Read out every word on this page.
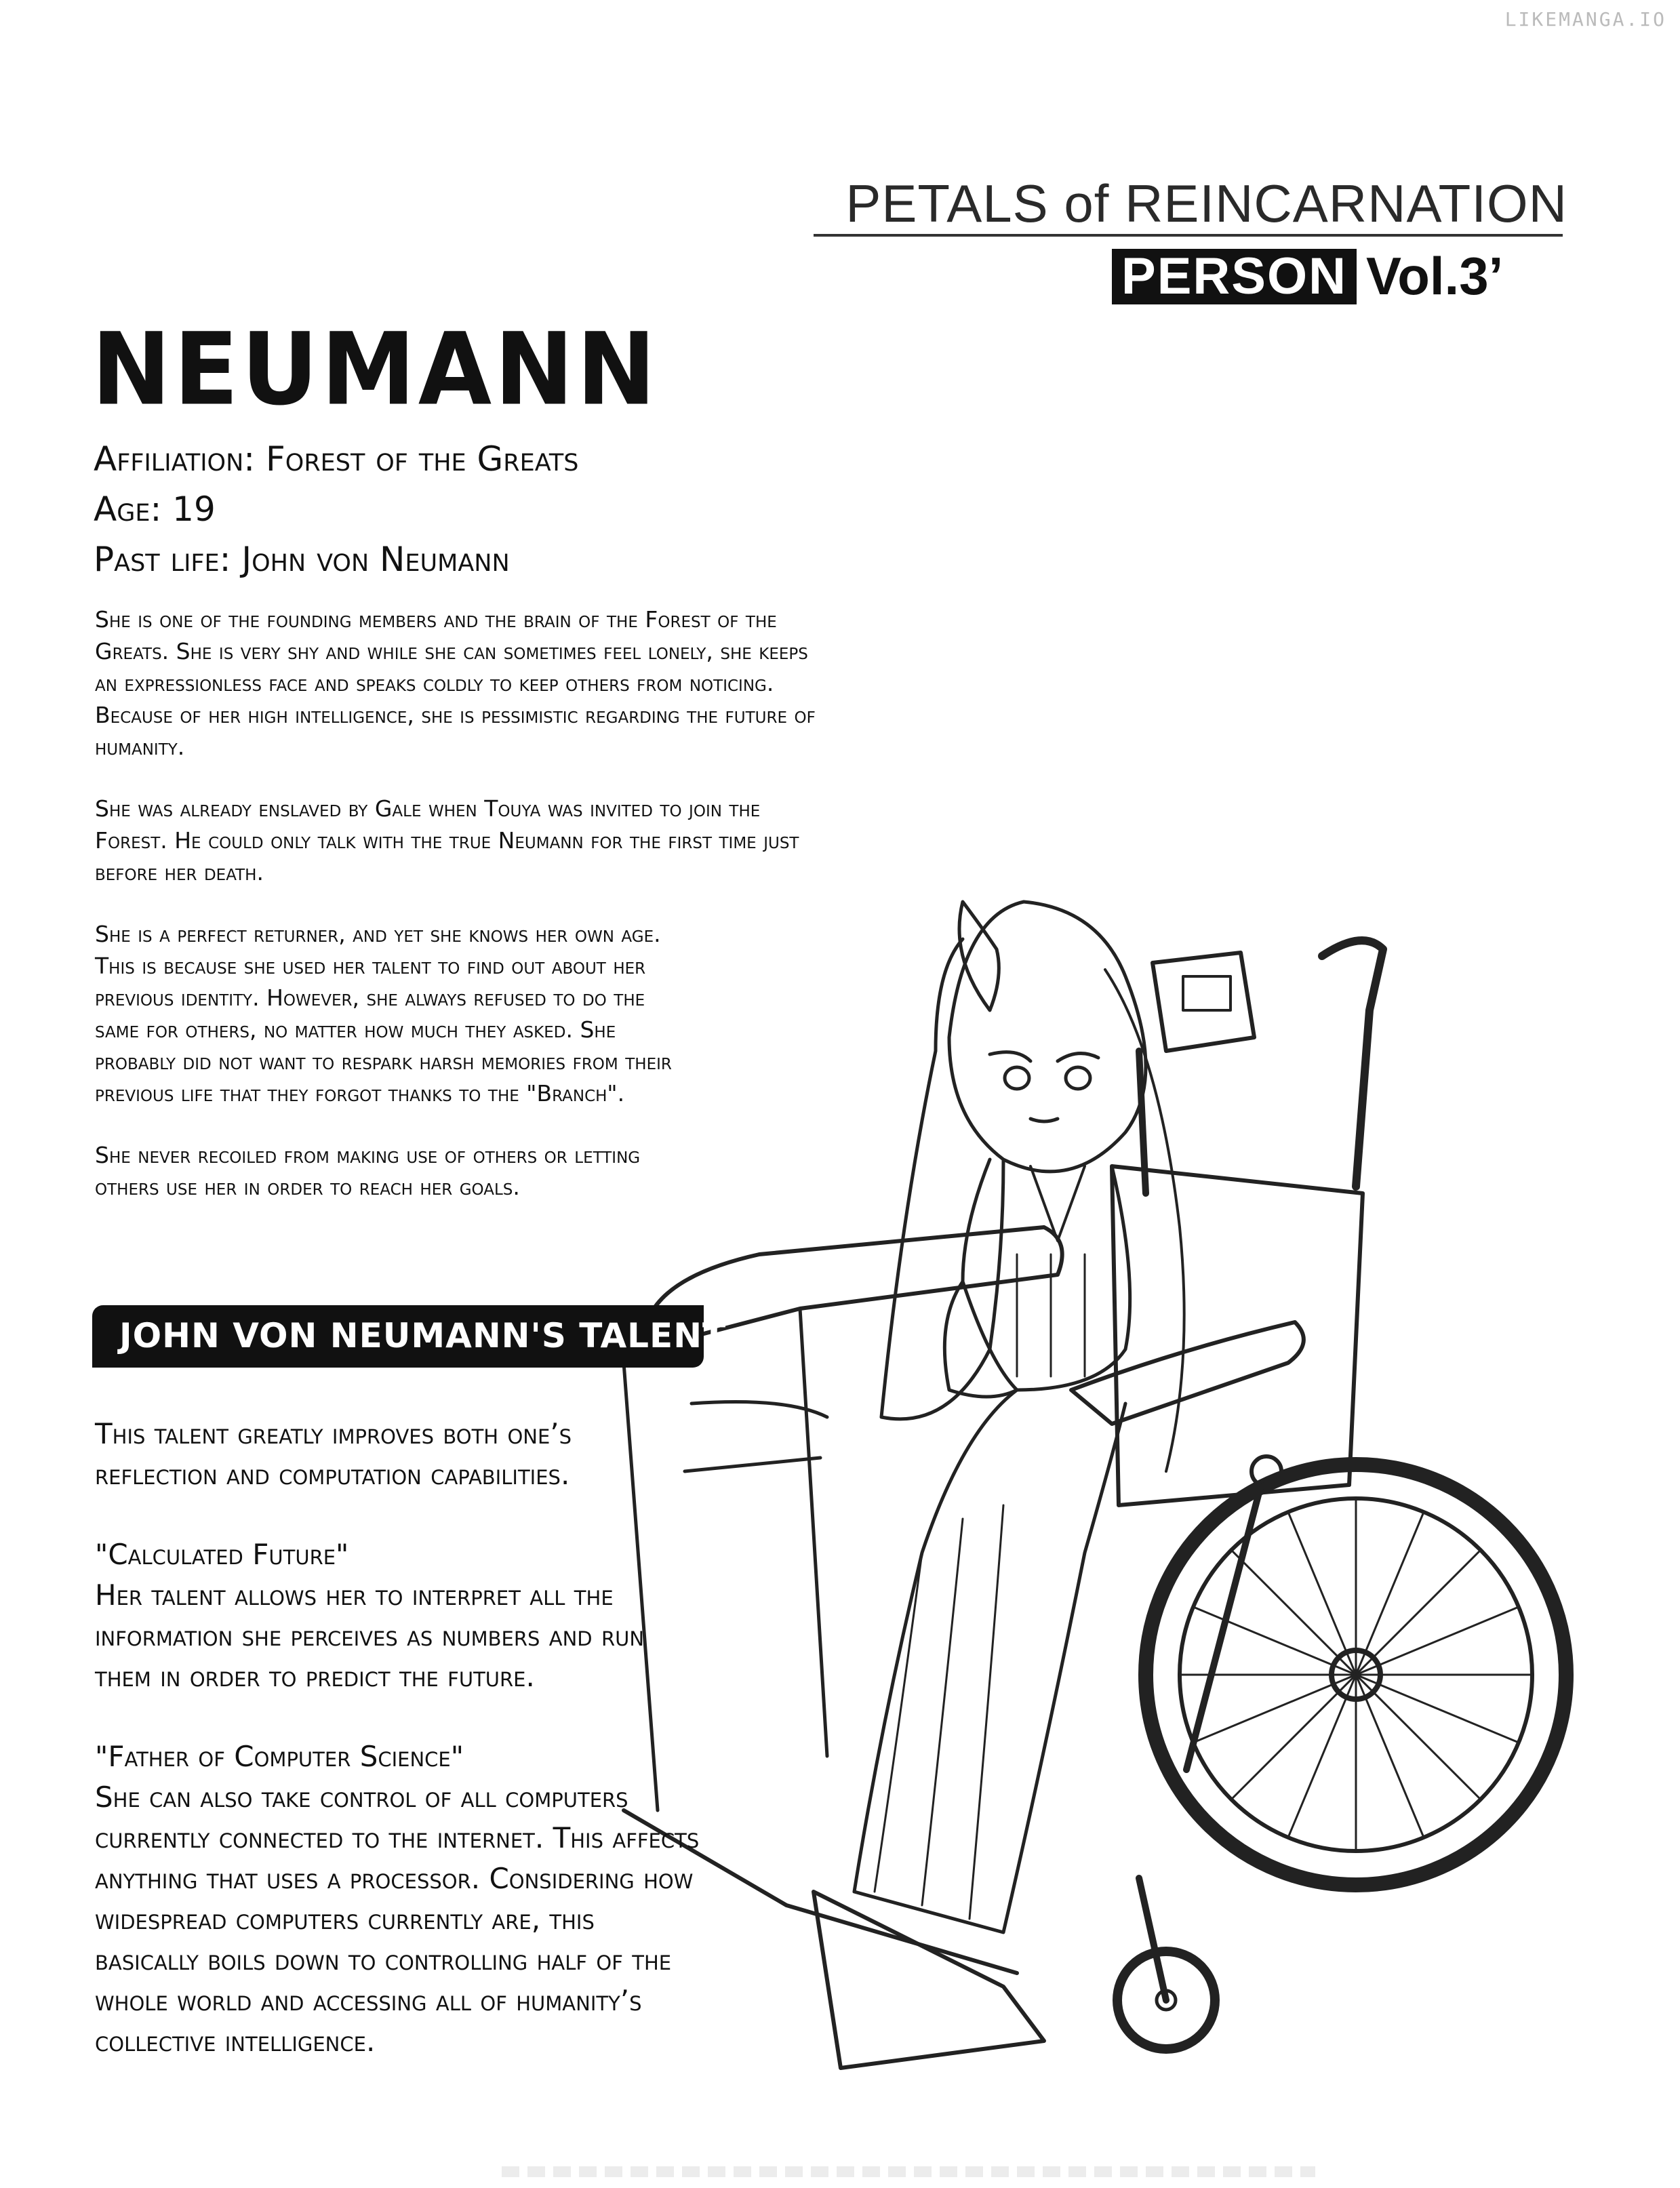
LIKEMANGA.IO
PETALS of REINCARNATION
PERSON Vol.3’
NEUMANN
Affiliation: Forest of the Greats
Age: 19
Past life: John von Neumann

She is one of the founding members and the brain of the Forest of the
Greats. She is very shy and while she can sometimes feel lonely, she keeps
an expressionless face and speaks coldly to keep others from noticing.
Because of her high intelligence, she is pessimistic regarding the future of
humanity.

She was already enslaved by Gale when Touya was invited to join the
Forest. He could only talk with the true Neumann for the first time just
before her death.

She is a perfect returner, and yet she knows her own age.
This is because she used her talent to find out about her
previous identity. However, she always refused to do the
same for others, no matter how much they asked. She
probably did not want to respark harsh memories from their
previous life that they forgot thanks to the "Branch".

She never recoiled from making use of others or letting
others use her in order to reach her goals.

JOHN VON NEUMANN'S TALENT

This talent greatly improves both one’s
reflection and computation capabilities.

"Calculated Future"
Her talent allows her to interpret all the
information she perceives as numbers and run
them in order to predict the future.

"Father of Computer Science"
She can also take control of all computers
currently connected to the internet. This affects
anything that uses a processor. Considering how
widespread computers currently are, this
basically boils down to controlling half of the
whole world and accessing all of humanity’s
collective intelligence.
